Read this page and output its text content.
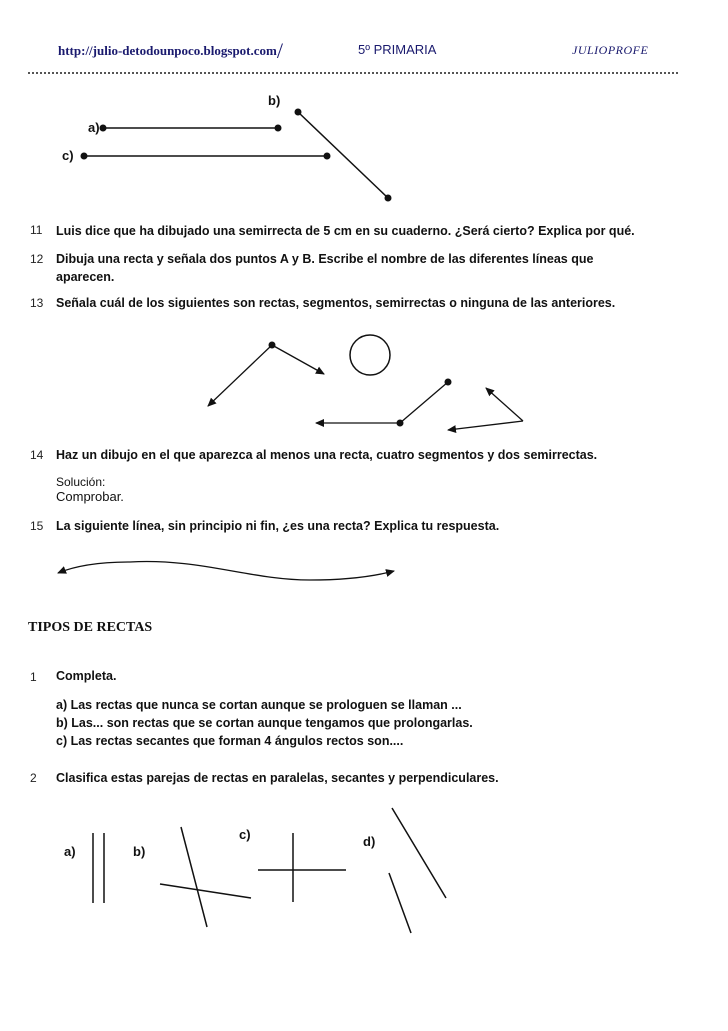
http://julio-detodounpoco.blogspot.com/	5º PRIMARIA	JULIOPROFE
a)
b)
c)
11 Luis dice que ha dibujado una semirrecta de 5 cm en su cuaderno. ¿Será cierto? Explica por qué.
12 Dibuja una recta y señala dos puntos A y B. Escribe el nombre de las diferentes líneas que
aparecen.
13 Señala cuál de los siguientes son rectas, segmentos, semirrectas o ninguna de las anteriores.
14 Haz un dibujo en el que aparezca al menos una recta, cuatro segmentos y dos semirrectas.
Solución:
Comprobar.
15 La siguiente línea, sin principio ni fin, ¿es una recta? Explica tu respuesta.
TIPOS DE RECTAS
1 Completa.
a) Las rectas que nunca se cortan aunque se prologuen se llaman ...
b) Las... son rectas que se cortan aunque tengamos que prolongarlas.
c) Las rectas secantes que forman 4 ángulos rectos son....
2 Clasifica estas parejas de rectas en paralelas, secantes y perpendiculares.
a)	b)
c)	d)
